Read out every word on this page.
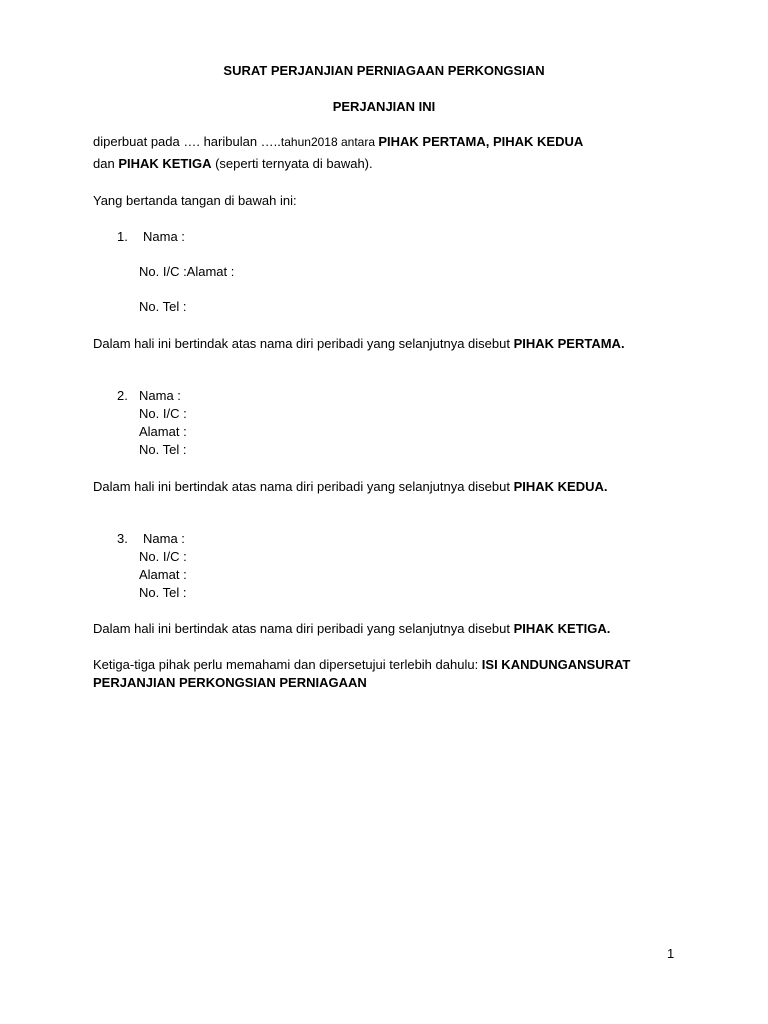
SURAT PERJANJIAN PERNIAGAAN PERKONGSIAN
PERJANJIAN INI
diperbuat pada …. haribulan …..tahun2018 antara PIHAK PERTAMA, PIHAK KEDUA
dan PIHAK KETIGA (seperti ternyata di bawah).
Yang bertanda tangan di bawah ini:
1. Nama :
No. I/C :Alamat :
No. Tel :
Dalam hali ini bertindak atas nama diri peribadi yang selanjutnya disebut PIHAK PERTAMA.
2. Nama :
No. I/C :
Alamat :
No. Tel :
Dalam hali ini bertindak atas nama diri peribadi yang selanjutnya disebut PIHAK KEDUA.
3. Nama :
No. I/C :
Alamat :
No. Tel :
Dalam hali ini bertindak atas nama diri peribadi yang selanjutnya disebut PIHAK KETIGA.
Ketiga-tiga pihak perlu memahami dan dipersetujui terlebih dahulu: ISI KANDUNGANSURAT
PERJANJIAN PERKONGSIAN PERNIAGAAN
1
